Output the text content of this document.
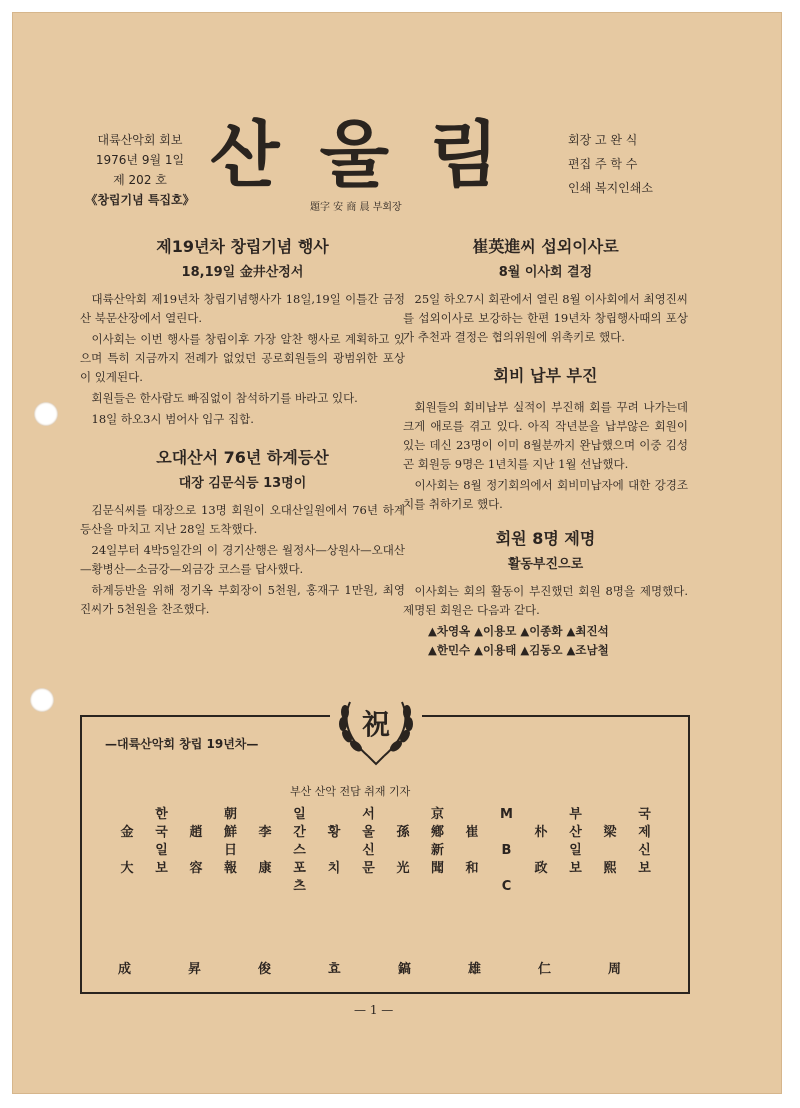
대륙산악회 회보
1976년 9월 1일
제 202 호
《창립기념 특집호》
산울림
題字 安 商 晨 부회장
회장 고 완 식
편집 주 학 수
인쇄 복지인쇄소
제19년차 창립기념 행사
18,19일 金井산정서

대륙산악회 제19년차 창립기념행사가 18일,19일 이틀간 금정산 북문산장에서 열린다.

이사회는 이번 행사를 창립이후 가장 알찬 행사로 계획하고 있으며 특히 지금까지 전례가 없었던 공로회원들의 광범위한 포상이 있게된다.

회원들은 한사람도 빠짐없이 참석하기를 바라고 있다.

18일 하오3시 범어사 입구 집합.

오대산서 76년 하계등산
대장 김문식등 13명이

김문식씨를 대장으로 13명 회원이 오대산일원에서 76년 하계등산을 마치고 지난 28일 도착했다.

24일부터 4박5일간의 이 경기산행은 월정사—상원사—오대산—황병산—소금강—외금강 코스를 답사했다.

하계등반을 위해 정기옥 부회장이 5천원, 홍재구 1만원, 최영진씨가 5천원을 찬조했다.

崔英進씨 섭외이사로
8월 이사회 결정

25일 하오7시 회관에서 열린 8월 이사회에서 최영진씨를 섭외이사로 보강하는 한편 19년차 창립행사때의 포상가 추천과 결정은 협의위원에 위촉키로 했다.

회비 납부 부진

회원들의 회비납부 실적이 부진해 회를 꾸려 나가는데 크게 애로를 겪고 있다. 아직 작년분을 납부않은 회원이 있는 데신 23명이 이미 8월분까지 완납했으며 이중 김성곤 회원등 9명은 1년치를 지난 1월 선납했다.

이사회는 8월 정기회의에서 회비미납자에 대한 강경조치를 취하기로 했다.

회원 8명 제명
활동부진으로

이사회는 회의 활동이 부진했던 회원 8명을 제명했다. 제명된 회원은 다음과 같다.

▲차영옥 ▲이용모 ▲이종화 ▲최진석
▲한민수 ▲이용태 ▲김동오 ▲조남철
祝
—대륙산악회 창립 19년차—
부산 산악 전담 취재 기자
金
大
한
국
일
보
趙
容
朝
鮮
日
報
李
康
일
간
스
포
츠
황
치
서
울
신
문
孫
光
京
鄕
新
聞
崔
和
M
B
C
朴
政
부
산
일
보
梁
熙
국
제
신
보
成	昇	俊	효	鎬	雄	仁	周
— 1 —
